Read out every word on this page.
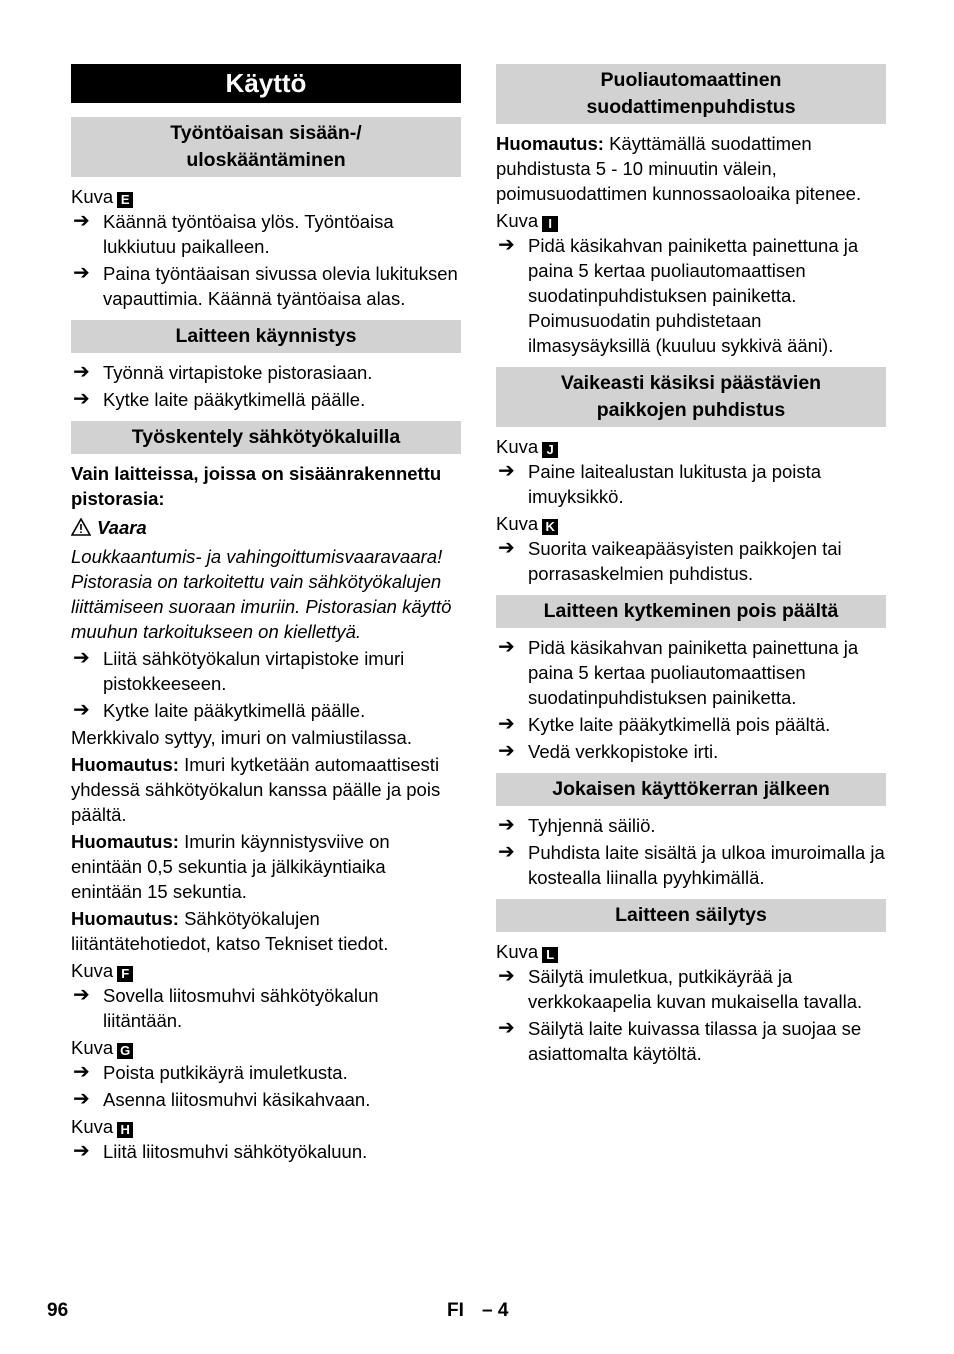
Käyttö
Työntöaisan sisään-/
uloskääntäminen
Kuva E
➔ Käännä työntöaisa ylös. Työntöaisa lukkiutuu paikalleen.
➔ Paina työntäaisan sivussa olevia lukituksen vapauttimia. Käännä tyäntöaisa alas.
Laitteen käynnistys
➔ Työnnä virtapistoke pistorasiaan.
➔ Kytke laite pääkytkimellä päälle.
Työskentely sähkötyökaluilla

Vain laitteissa, joissa on sisäänrakennettu pistorasia:

Vaara

Loukkaantumis- ja vahingoittumisvaaravaara! Pistorasia on tarkoitettu vain sähkötyökalujen liittämiseen suoraan imuriin. Pistorasian käyttö muuhun tarkoitukseen on kiellettyä.

➔ Liitä sähkötyökalun virtapistoke imuri pistokkeeseen.
➔ Kytke laite pääkytkimellä päälle.

Merkkivalo syttyy, imuri on valmiustilassa.

Huomautus: Imuri kytketään automaattisesti yhdessä sähkötyökalun kanssa päälle ja pois päältä.

Huomautus: Imurin käynnistysviive on enintään 0,5 sekuntia ja jälkikäyntiaika enintään 15 sekuntia.

Huomautus: Sähkötyökalujen liitäntätehotiedot, katso Tekniset tiedot.

Kuva F
➔ Sovella liitosmuhvi sähkötyökalun liitäntään.
Kuva G
➔ Poista putkikäyrä imuletkusta.
➔ Asenna liitosmuhvi käsikahvaan.
Kuva H
➔ Liitä liitosmuhvi sähkötyökaluun.
Puoliautomaattinen
suodattimenpuhdistus

Huomautus: Käyttämällä suodattimen puhdistusta 5 - 10 minuutin välein, poimusuodattimen kunnossaoloaika pitenee.

Kuva I
➔ Pidä käsikahvan painiketta painettuna ja paina 5 kertaa puoliautomaattisen suodatinpuhdistuksen painiketta. Poimusuodatin puhdistetaan ilmasysäyksillä (kuuluu sykkivä ääni).
Vaikeasti käsiksi päästävien
paikkojen puhdistus
Kuva J
➔ Paine laitealustan lukitusta ja poista imuyksikkö.
Kuva K
➔ Suorita vaikeapääsyisten paikkojen tai porrasaskelmien puhdistus.
Laitteen kytkeminen pois päältä
➔ Pidä käsikahvan painiketta painettuna ja paina 5 kertaa puoliautomaattisen suodatinpuhdistuksen painiketta.
➔ Kytke laite pääkytkimellä pois päältä.
➔ Vedä verkkopistoke irti.
Jokaisen käyttökerran jälkeen
➔ Tyhjennä säiliö.
➔ Puhdista laite sisältä ja ulkoa imuroimalla ja kostealla liinalla pyyhkimällä.
Laitteen säilytys
Kuva L
➔ Säilytä imuletkua, putkikäyrää ja verkkokaapelia kuvan mukaisella tavalla.
➔ Säilytä laite kuivassa tilassa ja suojaa se asiattomalta käytöltä.
96	FI – 4
